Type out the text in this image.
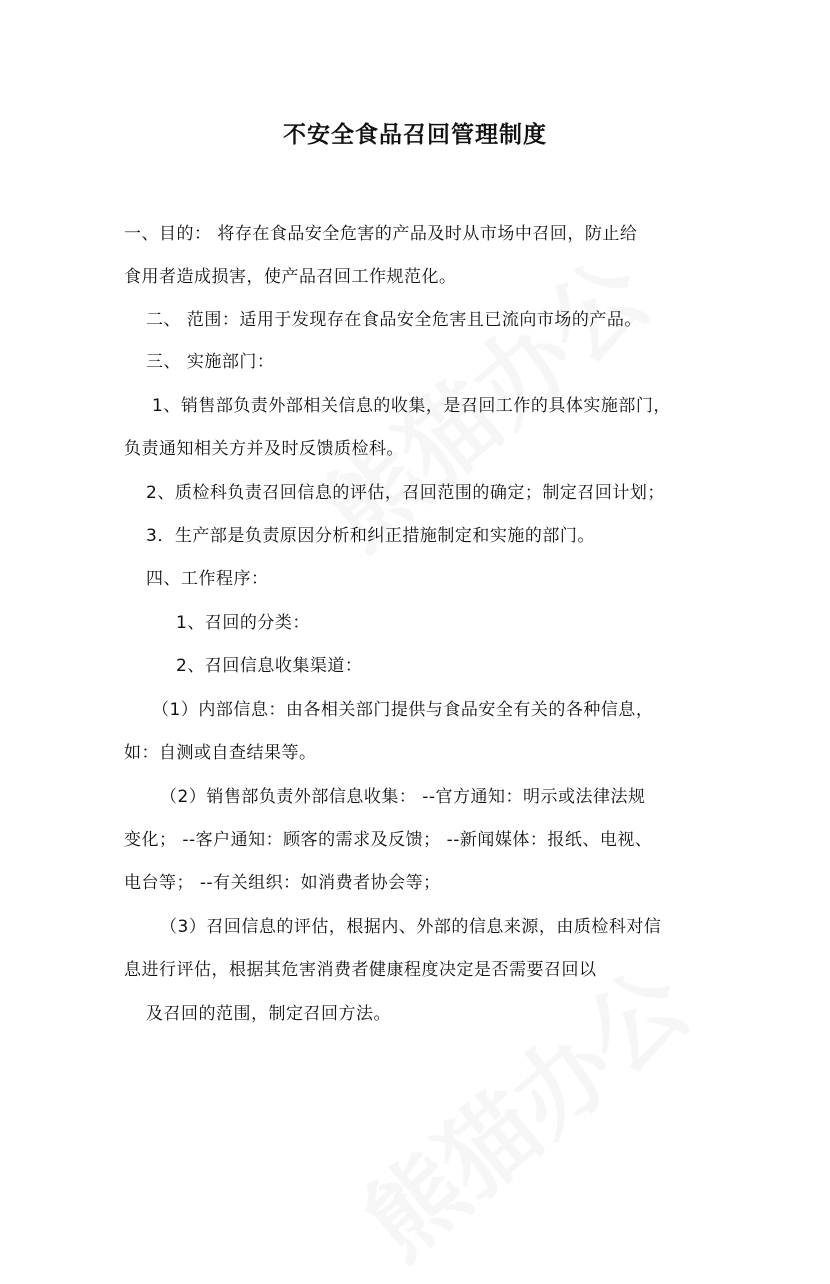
不安全食品召回管理制度
一、目的： 将存在食品安全危害的产品及时从市场中召回，防止给
食用者造成损害，使产品召回工作规范化。
二、 范围：适用于发现存在食品安全危害且已流向市场的产品。
三、 实施部门：
1、销售部负责外部相关信息的收集，是召回工作的具体实施部门，
负责通知相关方并及时反馈质检科。
2、质检科负责召回信息的评估，召回范围的确定；制定召回计划；
3．生产部是负责原因分析和纠正措施制定和实施的部门。
四、工作程序：
1、召回的分类：
2、召回信息收集渠道：
（1）内部信息：由各相关部门提供与食品安全有关的各种信息，
如：自测或自查结果等。
（2）销售部负责外部信息收集： --官方通知：明示或法律法规
变化； --客户通知：顾客的需求及反馈； --新闻媒体：报纸、电视、
电台等； --有关组织：如消费者协会等；
（3）召回信息的评估，根据内、外部的信息来源，由质检科对信
息进行评估，根据其危害消费者健康程度决定是否需要召回以
及召回的范围，制定召回方法。
